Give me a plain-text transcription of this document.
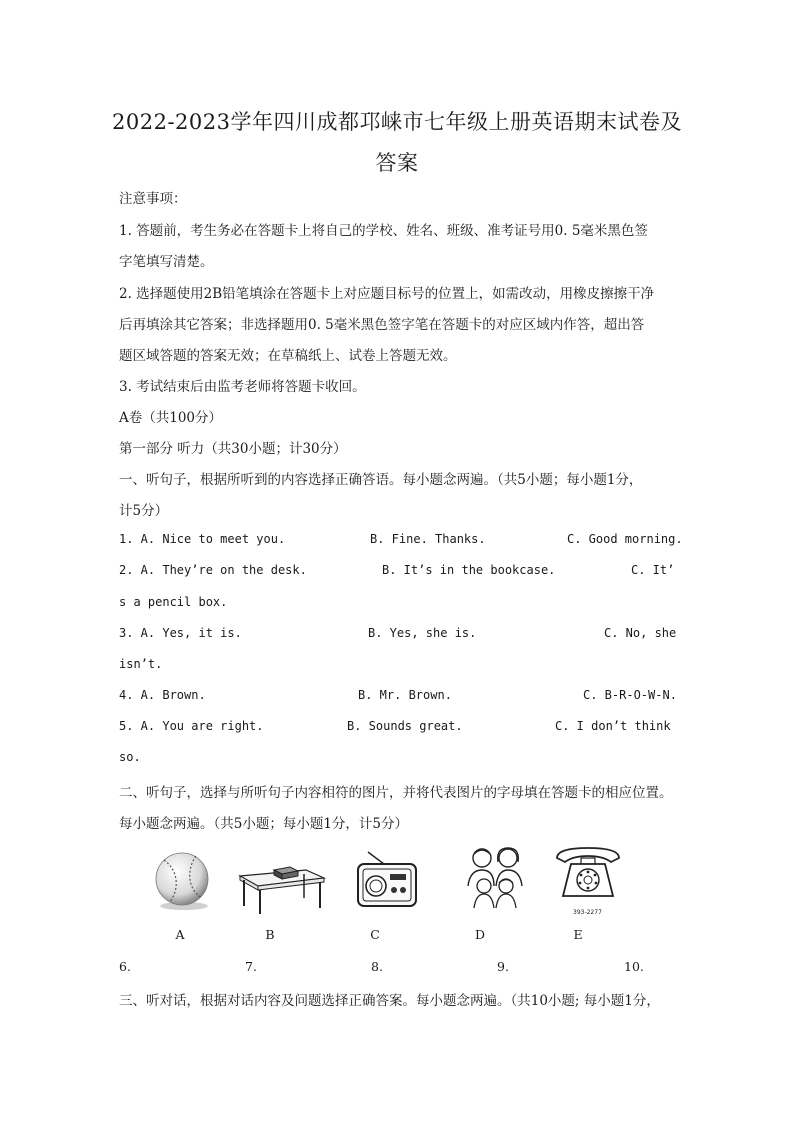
2022-2023学年四川成都邛崃市七年级上册英语期末试卷及
答案
注意事项：
1. 答题前，考生务必在答题卡上将自己的学校、姓名、班级、准考证号用0. 5毫米黑色签
字笔填写清楚。
2. 选择题使用2B铅笔填涂在答题卡上对应题目标号的位置上，如需改动，用橡皮擦擦干净
后再填涂其它答案；非选择题用0. 5毫米黑色签字笔在答题卡的对应区域内作答，超出答
题区域答题的答案无效；在草稿纸上、试卷上答题无效。
3. 考试结束后由监考老师将答题卡收回。
A卷（共100分）
第一部分 听力（共30小题；计30分）
一、听句子，根据所听到的内容选择正确答语。每小题念两遍。（共5小题；每小题1分，
计5分）
1. A. Nice to meet you.	B. Fine. Thanks.	C. Good morning.
2. A. They’re on the desk.	B. It’s in the bookcase.	C. It’
s a pencil box.
3. A. Yes, it is.	B. Yes, she is.	C. No, she
isn’t.
4. A. Brown.	B. Mr. Brown.	C. B-R-O-W-N.
5. A. You are right.	B. Sounds great.	C. I don’t think
so.
二、听句子，选择与所听句子内容相符的图片，并将代表图片的字母填在答题卡的相应位置。
每小题念两遍。（共5小题；每小题1分，计5分）
A	B	C	D
393-2277
E
6.	7.	8.	9.	10.
三、听对话，根据对话内容及问题选择正确答案。每小题念两遍。（共10小题; 每小题1分，
